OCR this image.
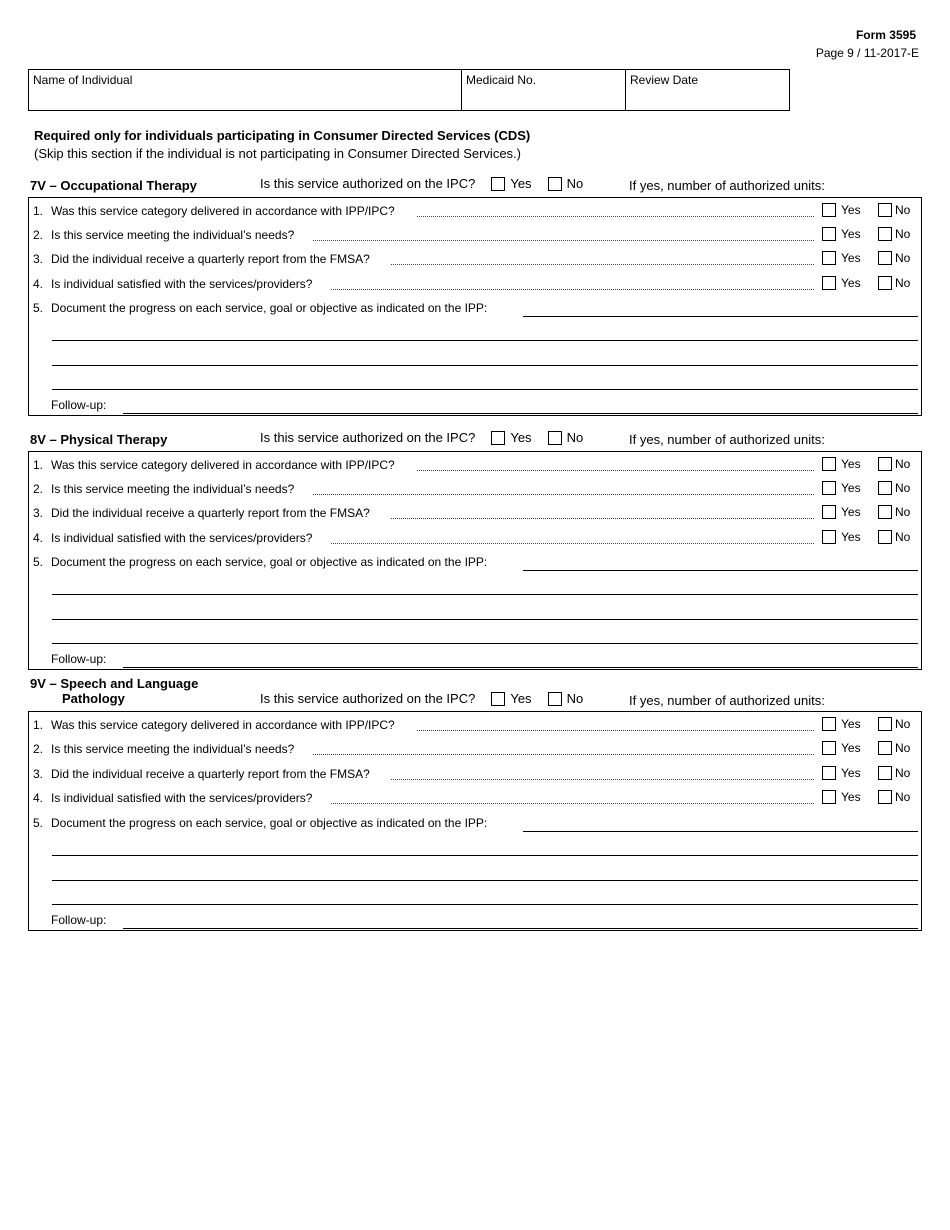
Form 3595
Page 9 / 11-2017-E
Name of Individual	Medicaid No.	Review Date
Required only for individuals participating in Consumer Directed Services (CDS)
(Skip this section if the individual is not participating in Consumer Directed Services.)
7V – Occupational Therapy	Is this service authorized on the IPC?	Yes	No	If yes, number of authorized units:
1. Was this service category delivered in accordance with IPP/IPC?	Yes	No
2. Is this service meeting the individual’s needs?	Yes	No
3. Did the individual receive a quarterly report from the FMSA?	Yes	No
4. Is individual satisfied with the services/providers?	Yes	No
5. Document the progress on each service, goal or objective as indicated on the IPP:
Follow-up:
8V – Physical Therapy	Is this service authorized on the IPC?	Yes	No	If yes, number of authorized units:
1. Was this service category delivered in accordance with IPP/IPC?	Yes	No
2. Is this service meeting the individual’s needs?	Yes	No
3. Did the individual receive a quarterly report from the FMSA?	Yes	No
4. Is individual satisfied with the services/providers?	Yes	No
5. Document the progress on each service, goal or objective as indicated on the IPP:
Follow-up:
9V – Speech and Language
Pathology	Is this service authorized on the IPC?	Yes	No	If yes, number of authorized units:
1. Was this service category delivered in accordance with IPP/IPC?	Yes	No
2. Is this service meeting the individual’s needs?	Yes	No
3. Did the individual receive a quarterly report from the FMSA?	Yes	No
4. Is individual satisfied with the services/providers?	Yes	No
5. Document the progress on each service, goal or objective as indicated on the IPP:
Follow-up:
